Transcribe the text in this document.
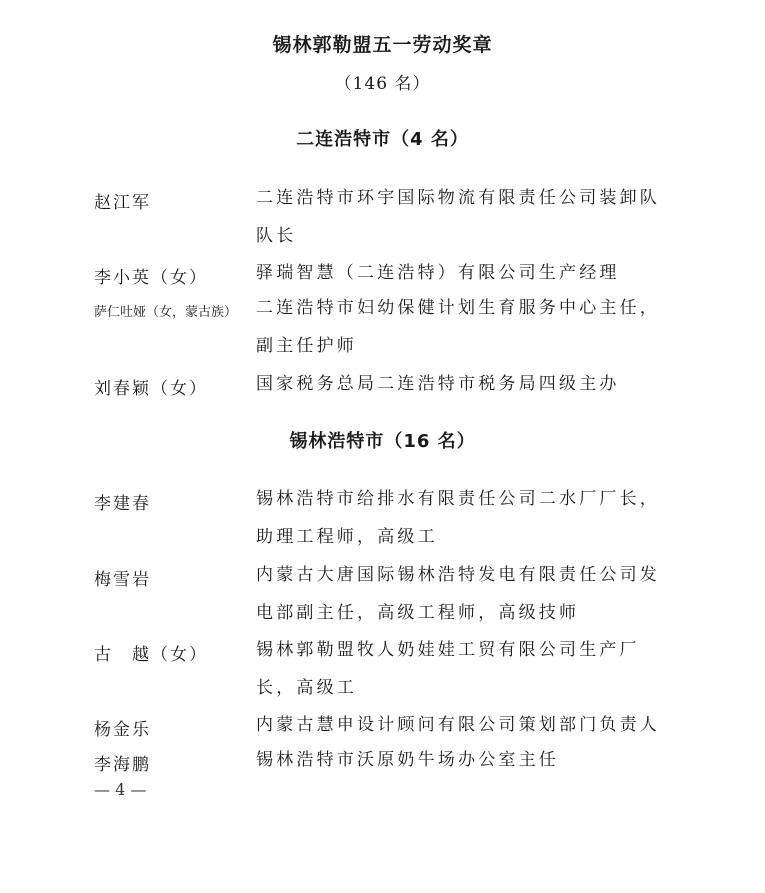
锡林郭勒盟五一劳动奖章
（146 名）
二连浩特市（4 名）
赵江军	二连浩特市环宇国际物流有限责任公司装卸队队长
李小英（女）	驿瑞智慧（二连浩特）有限公司生产经理
萨仁吐娅（女，蒙古族） 二连浩特市妇幼保健计划生育服务中心主任，副主任护师
刘春颖（女）	国家税务总局二连浩特市税务局四级主办
锡林浩特市（16 名）
李建春	锡林浩特市给排水有限责任公司二水厂厂长，助理工程师，高级工
梅雪岩	内蒙古大唐国际锡林浩特发电有限责任公司发电部副主任，高级工程师，高级技师
古　越（女）	锡林郭勒盟牧人奶娃娃工贸有限公司生产厂长，高级工
杨金乐	内蒙古慧申设计顾问有限公司策划部门负责人
李海鹏	锡林浩特市沃原奶牛场办公室主任
— 4 —
